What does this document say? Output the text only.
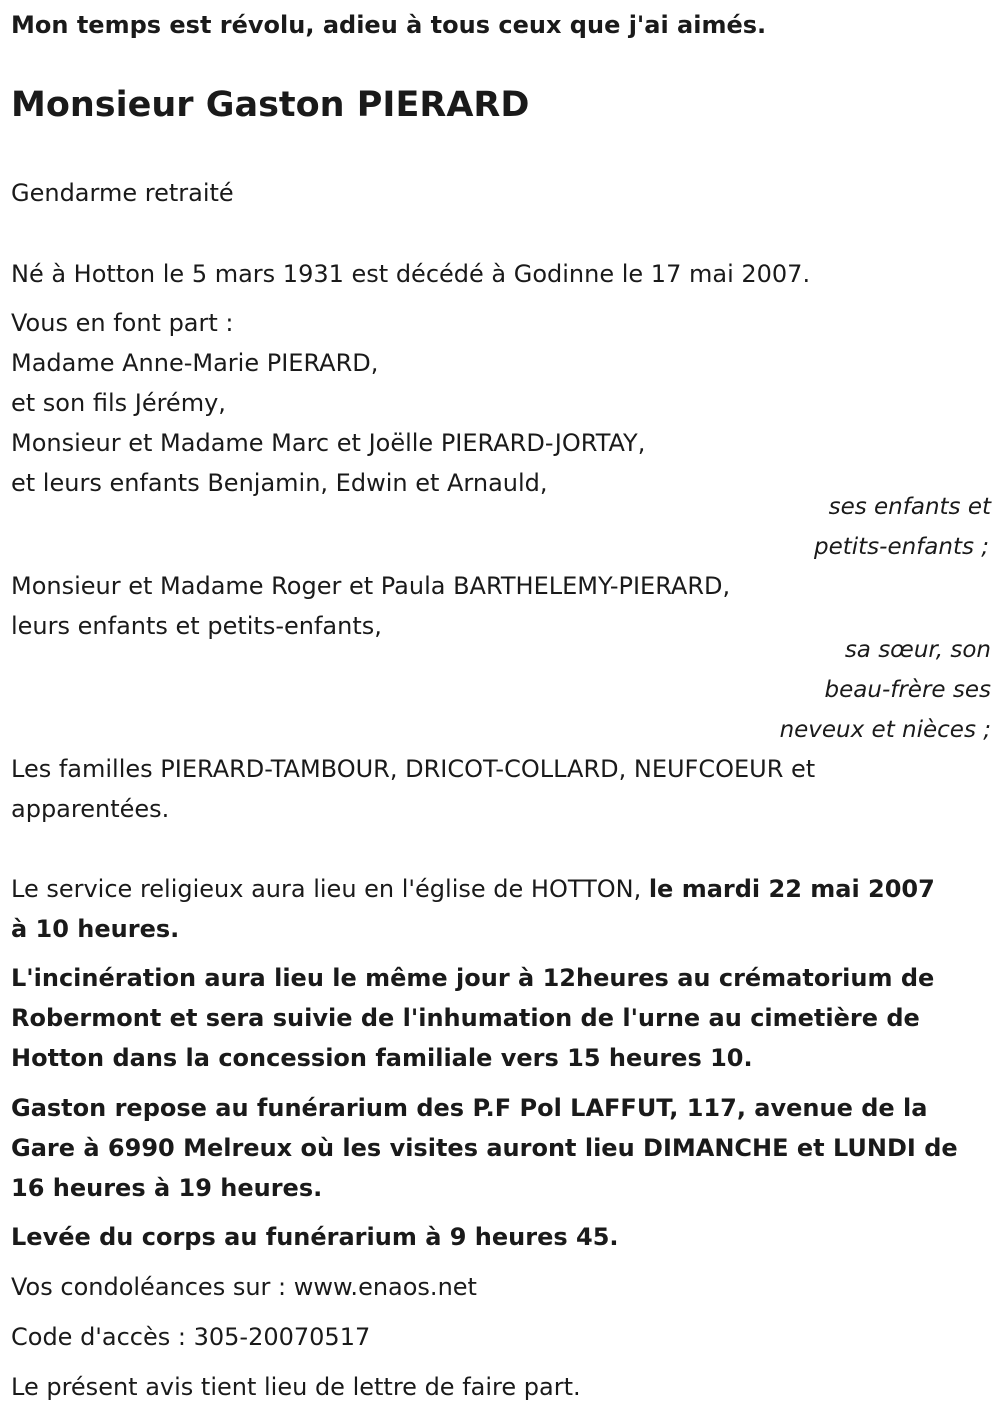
Mon temps est révolu, adieu à tous ceux que j'ai aimés.
Monsieur Gaston PIERARD
Gendarme retraité
Né à Hotton le 5 mars 1931 est décédé à Godinne le 17 mai 2007.
Vous en font part :
Madame Anne-Marie PIERARD,
et son fils Jérémy,
Monsieur et Madame Marc et Joëlle PIERARD-JORTAY,
et leurs enfants Benjamin, Edwin et Arnauld,
ses enfants et
petits-enfants ;
Monsieur et Madame Roger et Paula BARTHELEMY-PIERARD,
leurs enfants et petits-enfants,
sa sœur, son
beau-frère ses
neveux et nièces ;
Les familles PIERARD-TAMBOUR, DRICOT-COLLARD, NEUFCOEUR et
apparentées.
Le service religieux aura lieu en l'église de HOTTON, le mardi 22 mai 2007
à 10 heures.
L'incinération aura lieu le même jour à 12heures au crématorium de
Robermont et sera suivie de l'inhumation de l'urne au cimetière de
Hotton dans la concession familiale vers 15 heures 10.
Gaston repose au funérarium des P.F Pol LAFFUT, 117, avenue de la
Gare à 6990 Melreux où les visites auront lieu DIMANCHE et LUNDI de
16 heures à 19 heures.
Levée du corps au funérarium à 9 heures 45.
Vos condoléances sur : www.enaos.net
Code d'accès : 305-20070517
Le présent avis tient lieu de lettre de faire part.
